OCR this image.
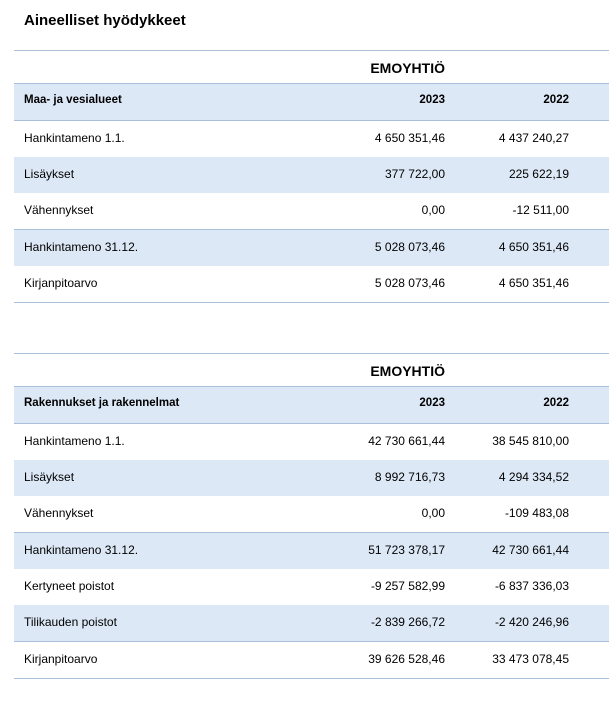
Aineelliset hyödykkeet
EMOYHTIÖ
Maa- ja vesialueet	2023	2022
Hankintameno 1.1.	4 650 351,46	4 437 240,27
Lisäykset	377 722,00	225 622,19
Vähennykset	0,00	-12 511,00
Hankintameno 31.12.	5 028 073,46	4 650 351,46
Kirjanpitoarvo	5 028 073,46	4 650 351,46
EMOYHTIÖ
Rakennukset ja rakennelmat	2023	2022
Hankintameno 1.1.	42 730 661,44	38 545 810,00
Lisäykset	8 992 716,73	4 294 334,52
Vähennykset	0,00	-109 483,08
Hankintameno 31.12.	51 723 378,17	42 730 661,44
Kertyneet poistot	-9 257 582,99	-6 837 336,03
Tilikauden poistot	-2 839 266,72	-2 420 246,96
Kirjanpitoarvo	39 626 528,46	33 473 078,45
